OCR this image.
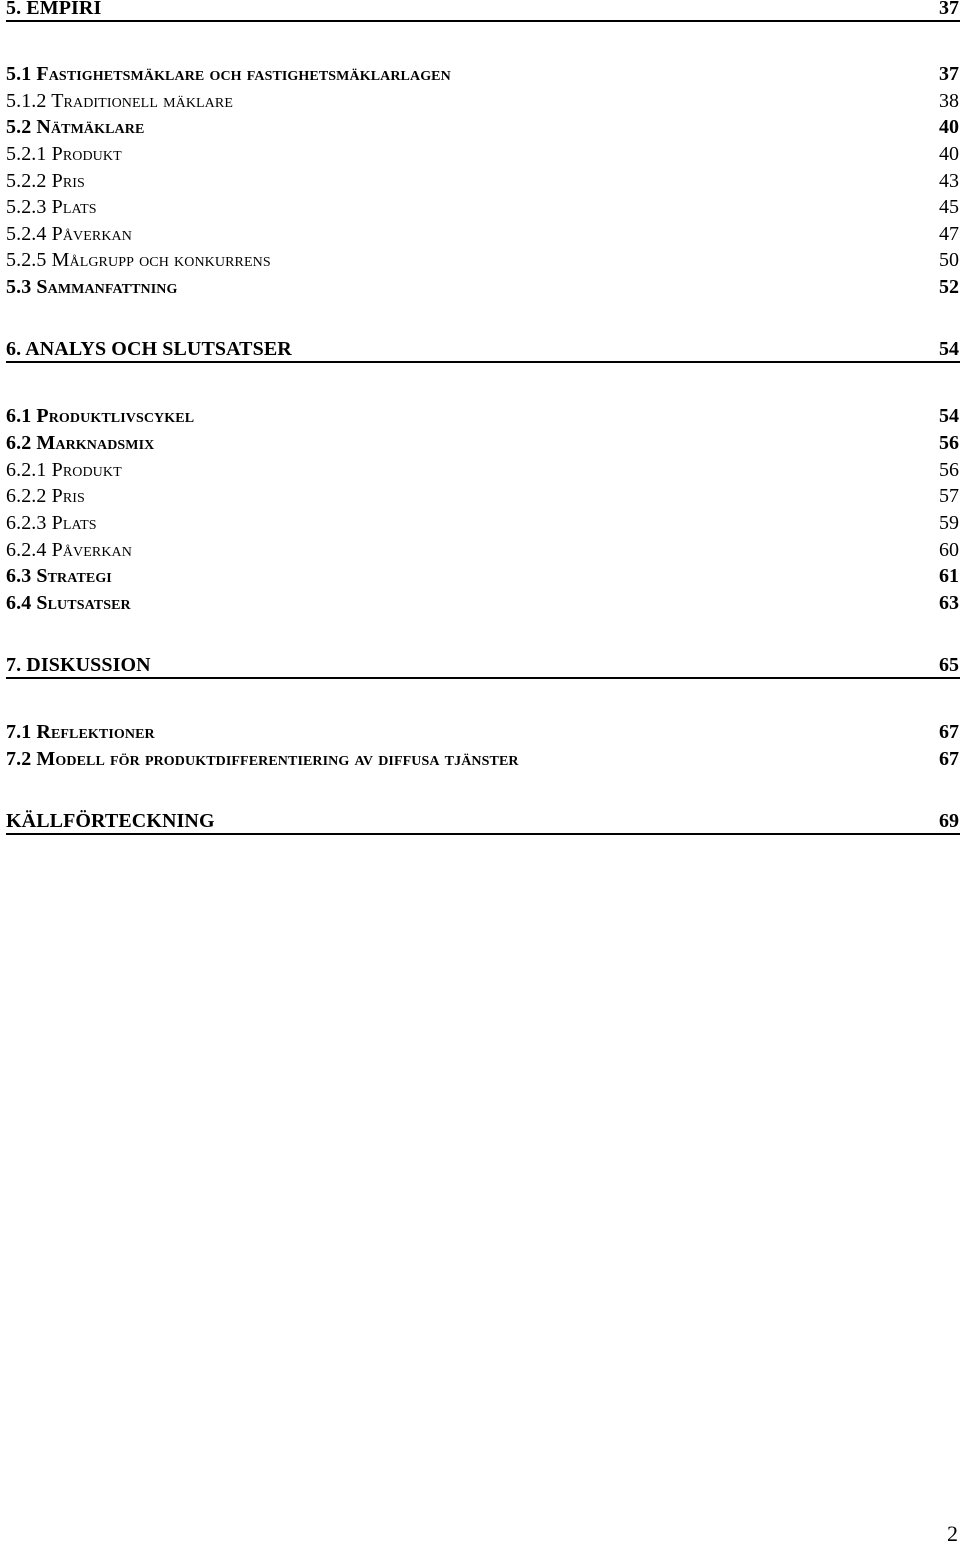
5. EMPIRI	37
5.1 Fastighetsmäklare och fastighetsmäklarlagen	37
5.1.2 Traditionell mäklare	38
5.2 Nätmäklare	40
5.2.1 Produkt	40
5.2.2 Pris	43
5.2.3 Plats	45
5.2.4 Påverkan	47
5.2.5 Målgrupp och konkurrens	50
5.3 Sammanfattning	52
6. ANALYS OCH SLUTSATSER	54
6.1 Produktlivscykel	54
6.2 Marknadsmix	56
6.2.1 Produkt	56
6.2.2 Pris	57
6.2.3 Plats	59
6.2.4 Påverkan	60
6.3 Strategi	61
6.4 Slutsatser	63
7. DISKUSSION	65
7.1 Reflektioner	67
7.2 Modell för produktdifferentiering av diffusa tjänster	67
KÄLLFÖRTECKNING	69
2
